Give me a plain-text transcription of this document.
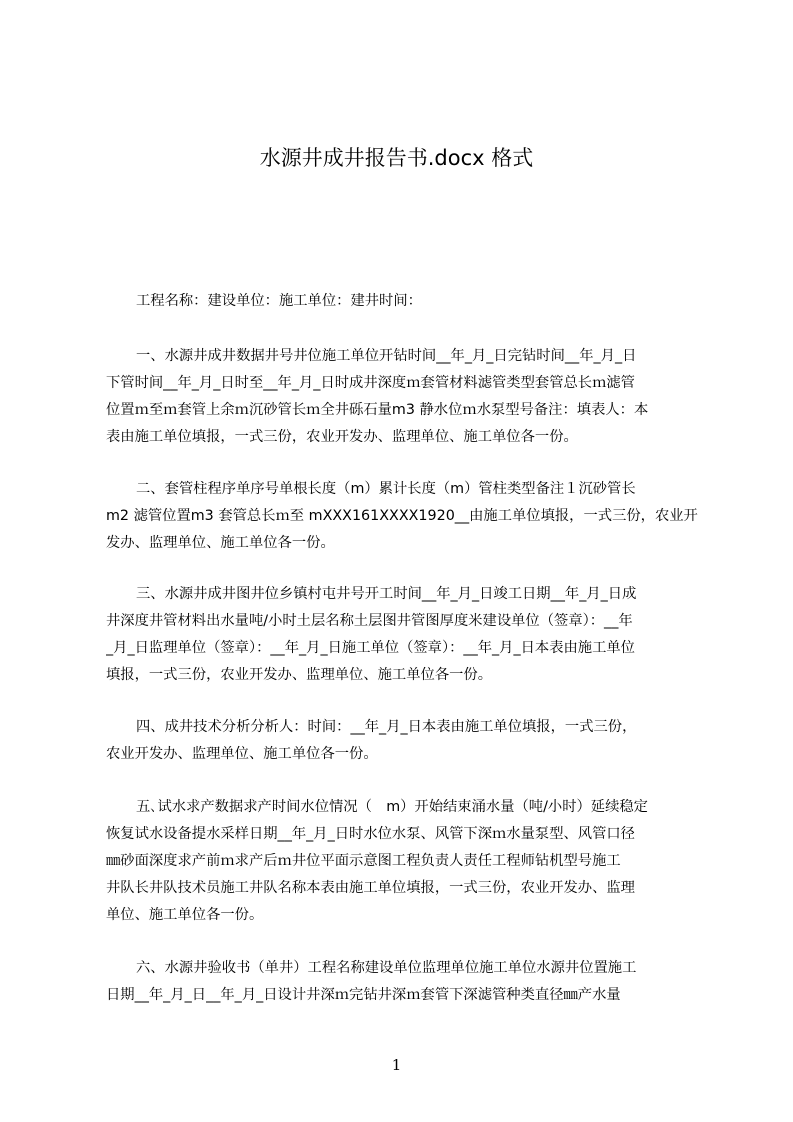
水源井成井报告书.docx 格式
工程名称：建设单位：施工单位：建井时间：
一、水源井成井数据井号井位施工单位开钻时间__年_月_日完钻时间__年_月_日
下管时间__年_月_日时至__年_月_日时成井深度ｍ套管材料滤管类型套管总长ｍ滤管
位置ｍ至ｍ套管上余ｍ沉砂管长ｍ全井砾石量m3 静水位ｍ水泵型号备注：填表人：本
表由施工单位填报，一式三份，农业开发办、监理单位、施工单位各一份。
二、套管柱程序单序号单根长度（m）累计长度（m）管柱类型备注１沉砂管长
m2 滤管位置m3 套管总长ｍ至 mXXX161XXXX1920__由施工单位填报，一式三份，农业开
发办、监理单位、施工单位各一份。
三、水源井成井图井位乡镇村屯井号开工时间__年_月_日竣工日期__年_月_日成
井深度井管材料出水量吨/小时土层名称土层图井管图厚度米建设单位（签章）：__年
_月_日监理单位（签章）：__年_月_日施工单位（签章）：__年_月_日本表由施工单位
填报，一式三份，农业开发办、监理单位、施工单位各一份。
四、成井技术分析分析人：时间：__年_月_日本表由施工单位填报，一式三份，
农业开发办、监理单位、施工单位各一份。
五､试水求产数据求产时间水位情况（　m）开始结束涌水量（吨/小时）延续稳定
恢复试水设备提水采样日期__年_月_日时水位水泵、风管下深ｍ水量泵型、风管口径
㎜砂面深度求产前ｍ求产后ｍ井位平面示意图工程负责人责任工程师钻机型号施工
井队长井队技术员施工井队名称本表由施工单位填报，一式三份，农业开发办、监理
单位、施工单位各一份。
六、水源井验收书（单井）工程名称建设单位监理单位施工单位水源井位置施工
日期__年_月_日__年_月_日设计井深ｍ完钻井深ｍ套管下深滤管种类直径㎜产水量
1
